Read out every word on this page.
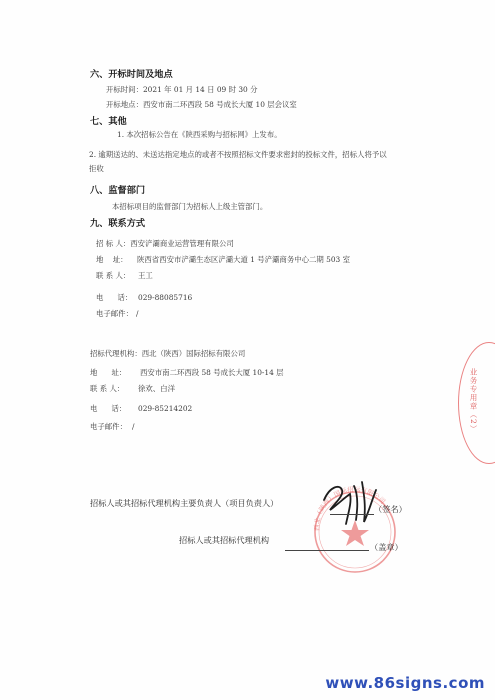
六、开标时间及地点
开标时间：2021 年 01 月 14 日 09 时 30 分
开标地点：西安市南二环西段 58 号成长大厦 10 层会议室
七、其他
1. 本次招标公告在《陕西采购与招标网》上发布。
2. 逾期送达的、未送达指定地点的或者不按照招标文件要求密封的投标文件，招标人将予以
拒收
八、监督部门
本招标项目的监督部门为招标人上级主管部门。
九、联系方式
招 标 人：西安浐灞商业运营管理有限公司
地    址： 陕西省西安市浐灞生态区浐灞大道 1 号浐灞商务中心二期 503 室
联 系 人： 王工
电      话： 029-88085716
电子邮件： /
招标代理机构：西北（陕西）国际招标有限公司
地      址： 西安市南二环西段 58 号成长大厦 10-14 层
联 系 人： 徐欢、白洋
电      话： 029-85214202
电子邮件： /	业务专用章（2）
西北（陕西）国际招标有限公司
招标人或其招标代理机构主要负责人（项目负责人）
（签名）
招标人或其招标代理机构
（盖章）
www.86signs.com
